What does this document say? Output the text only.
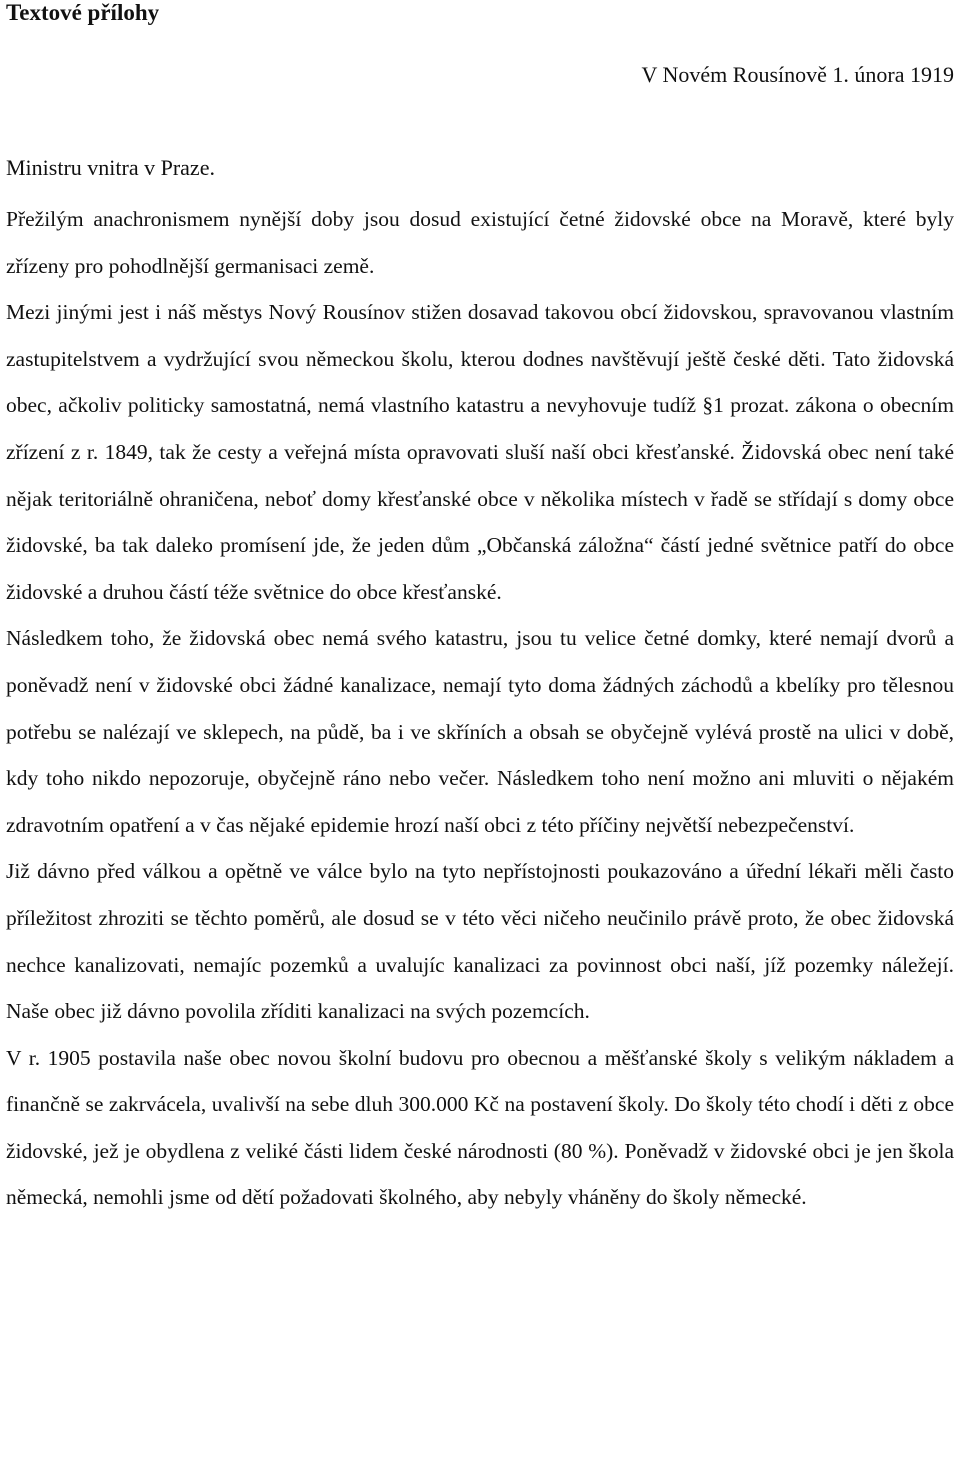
Textové přílohy

V Novém Rousínově 1. února 1919

Ministru vnitra v Praze.

Přežilým anachronismem nynější doby jsou dosud existující četné židovské obce na Moravě, které byly zřízeny pro pohodlnější germanisaci země.

Mezi jinými jest i náš městys Nový Rousínov stižen dosavad takovou obcí židovskou, spravovanou vlastním zastupitelstvem a vydržující svou německou školu, kterou dodnes navštěvují ještě české děti. Tato židovská obec, ačkoliv politicky samostatná, nemá vlastního katastru a nevyhovuje tudíž §1 prozat. zákona o obecním zřízení z r. 1849, tak že cesty a veřejná místa opravovati sluší naší obci křesťanské. Židovská obec není také nějak teritoriálně ohraničena, neboť domy křesťanské obce v několika místech v řadě se střídají s domy obce židovské, ba tak daleko promísení jde, že jeden dům „Občanská záložna“ částí jedné světnice patří do obce židovské a druhou částí téže světnice do obce křesťanské.

Následkem toho, že židovská obec nemá svého katastru, jsou tu velice četné domky, které nemají dvorů a poněvadž není v židovské obci žádné kanalizace, nemají tyto doma žádných záchodů a kbelíky pro tělesnou potřebu se nalézají ve sklepech, na půdě, ba i ve skříních a obsah se obyčejně vylévá prostě na ulici v době, kdy toho nikdo nepozoruje, obyčejně ráno nebo večer. Následkem toho není možno ani mluviti o nějakém zdravotním opatření a v čas nějaké epidemie hrozí naší obci z této příčiny největší nebezpečenství.

Již dávno před válkou a opětně ve válce bylo na tyto nepřístojnosti poukazováno a úřední lékaři měli často příležitost zhroziti se těchto poměrů, ale dosud se v této věci ničeho neučinilo právě proto, že obec židovská nechce kanalizovati, nemajíc pozemků a uvalujíc kanalizaci za povinnost obci naší, jíž pozemky náležejí. Naše obec již dávno povolila zříditi kanalizaci na svých pozemcích.

V r. 1905 postavila naše obec novou školní budovu pro obecnou a měšťanské školy s velikým nákladem a finančně se zakrvácela, uvalivší na sebe dluh 300.000 Kč na postavení školy. Do školy této chodí i děti z obce židovské, jež je obydlena z veliké části lidem české národnosti (80 %). Poněvadž v židovské obci je jen škola německá, nemohli jsme od dětí požadovati školného, aby nebyly vháněny do školy německé.
